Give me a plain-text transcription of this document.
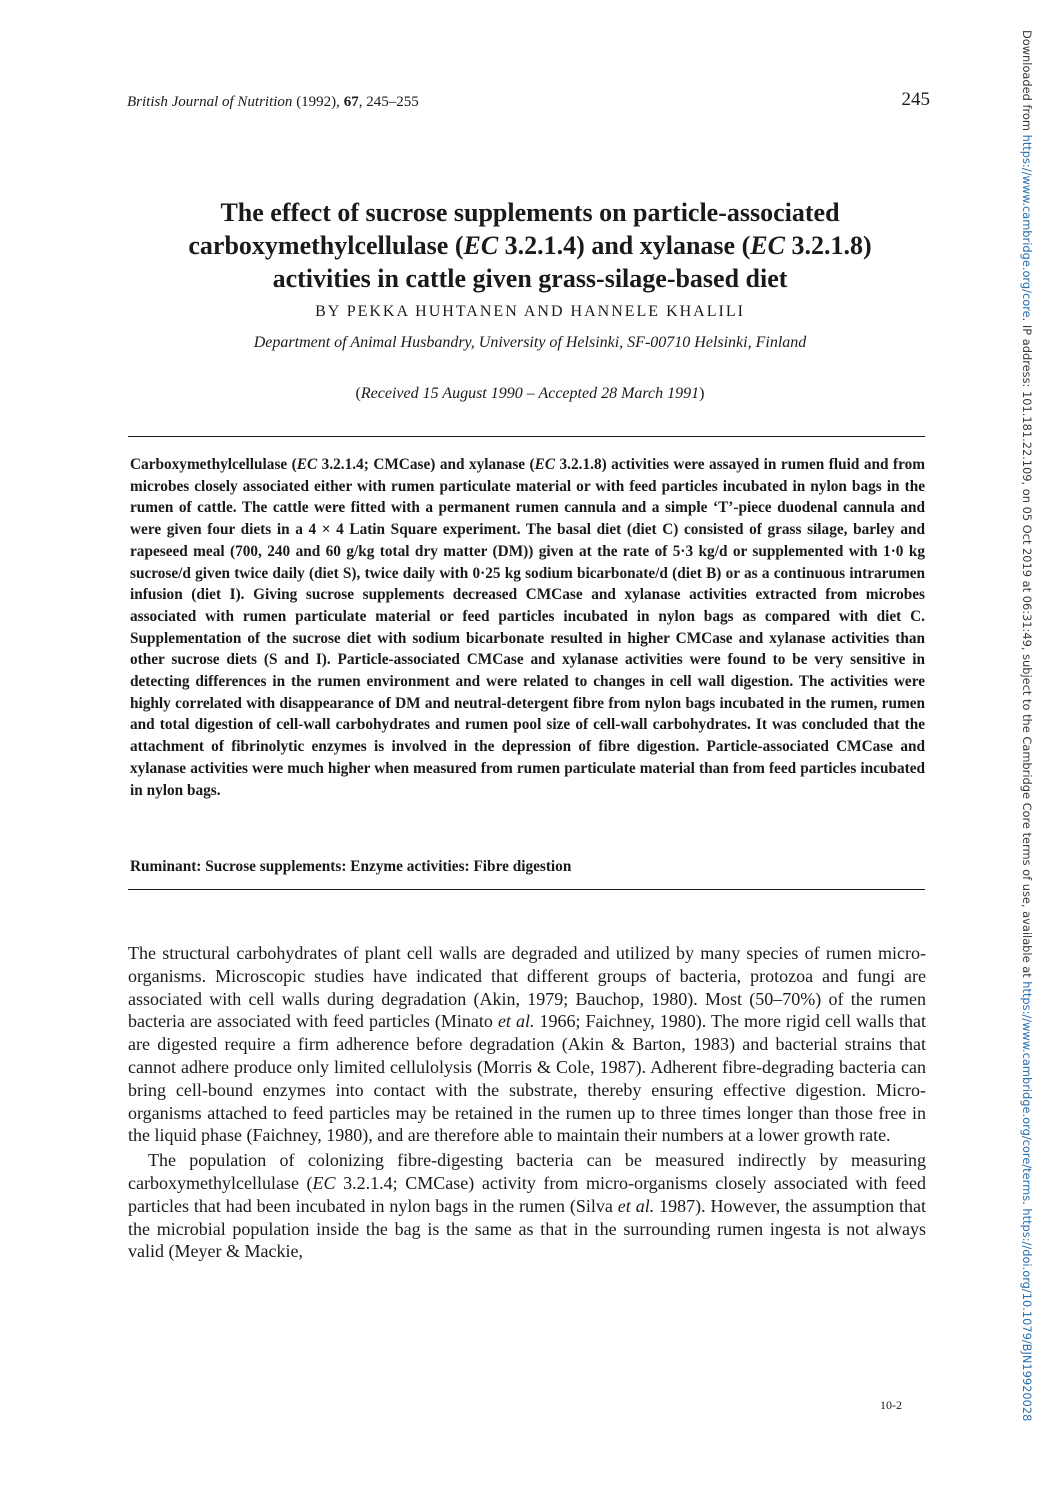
British Journal of Nutrition (1992), 67, 245–255	245
The effect of sucrose supplements on particle-associated
carboxymethylcellulase (EC 3.2.1.4) and xylanase (EC 3.2.1.8)
activities in cattle given grass-silage-based diet
BY PEKKA HUHTANEN AND HANNELE KHALILI
Department of Animal Husbandry, University of Helsinki, SF-00710 Helsinki, Finland
(Received 15 August 1990 – Accepted 28 March 1991)

Carboxymethylcellulase (EC 3.2.1.4; CMCase) and xylanase (EC 3.2.1.8) activities were assayed in rumen fluid and from microbes closely associated either with rumen particulate material or with feed particles incubated in nylon bags in the rumen of cattle. The cattle were fitted with a permanent rumen cannula and a simple ‘T’-piece duodenal cannula and were given four diets in a 4 × 4 Latin Square experiment. The basal diet (diet C) consisted of grass silage, barley and rapeseed meal (700, 240 and 60 g/kg total dry matter (DM)) given at the rate of 5·3 kg/d or supplemented with 1·0 kg sucrose/d given twice daily (diet S), twice daily with 0·25 kg sodium bicarbonate/d (diet B) or as a continuous intrarumen infusion (diet I). Giving sucrose supplements decreased CMCase and xylanase activities extracted from microbes associated with rumen particulate material or feed particles incubated in nylon bags as compared with diet C. Supplementation of the sucrose diet with sodium bicarbonate resulted in higher CMCase and xylanase activities than other sucrose diets (S and I). Particle-associated CMCase and xylanase activities were found to be very sensitive in detecting differences in the rumen environment and were related to changes in cell wall digestion. The activities were highly correlated with disappearance of DM and neutral-detergent fibre from nylon bags incubated in the rumen, rumen and total digestion of cell-wall carbohydrates and rumen pool size of cell-wall carbohydrates. It was concluded that the attachment of fibrinolytic enzymes is involved in the depression of fibre digestion. Particle-associated CMCase and xylanase activities were much higher when measured from rumen particulate material than from feed particles incubated in nylon bags.

Ruminant: Sucrose supplements: Enzyme activities: Fibre digestion

The structural carbohydrates of plant cell walls are degraded and utilized by many species of rumen micro-organisms. Microscopic studies have indicated that different groups of bacteria, protozoa and fungi are associated with cell walls during degradation (Akin, 1979; Bauchop, 1980). Most (50–70%) of the rumen bacteria are associated with feed particles (Minato et al. 1966; Faichney, 1980). The more rigid cell walls that are digested require a firm adherence before degradation (Akin & Barton, 1983) and bacterial strains that cannot adhere produce only limited cellulolysis (Morris & Cole, 1987). Adherent fibre-degrading bacteria can bring cell-bound enzymes into contact with the substrate, thereby ensuring effective digestion. Micro-organisms attached to feed particles may be retained in the rumen up to three times longer than those free in the liquid phase (Faichney, 1980), and are therefore able to maintain their numbers at a lower growth rate.

The population of colonizing fibre-digesting bacteria can be measured indirectly by measuring carboxymethylcellulase (EC 3.2.1.4; CMCase) activity from micro-organisms closely associated with feed particles that had been incubated in nylon bags in the rumen (Silva et al. 1987). However, the assumption that the microbial population inside the bag is the same as that in the surrounding rumen ingesta is not always valid (Meyer & Mackie,

10-2
Downloaded from https://www.cambridge.org/core. IP address: 101.181.22.109, on 05 Oct 2019 at 06:31:49, subject to the Cambridge Core terms of use, available at https://www.cambridge.org/core/terms. https://doi.org/10.1079/BJN19920028
